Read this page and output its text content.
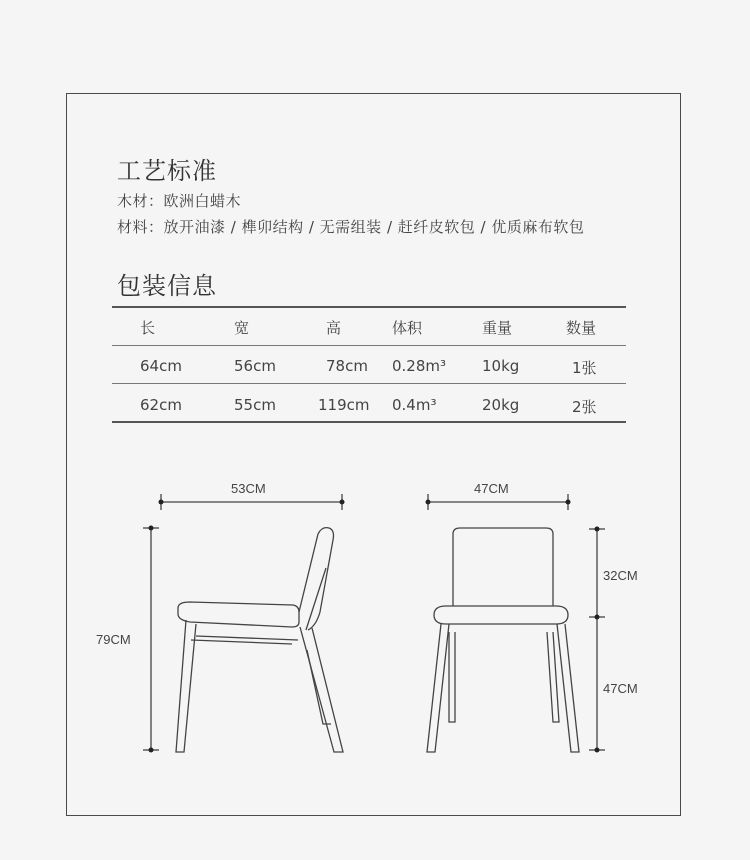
工艺标准
木材：欧洲白蜡木
材料：放开油漆 / 榫卯结构 / 无需组装 / 赶纤皮软包 / 优质麻布软包
包装信息
长	宽	高	体积	重量	数量
64cm	56cm	78cm 0.28m³ 10kg	1张
62cm	55cm	119cm 0.4m³	20kg	2张
53CM
79CM
47CM
32CM
47CM
